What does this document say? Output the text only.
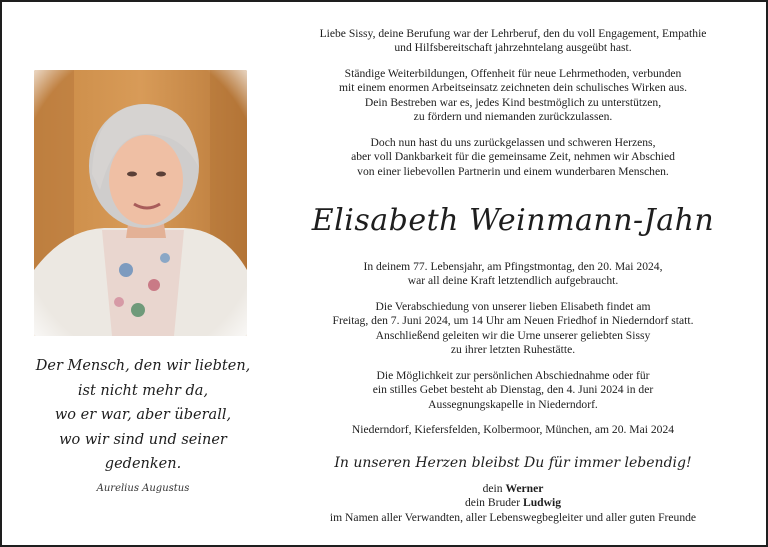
Der Mensch, den wir liebten,
ist nicht mehr da,
wo er war, aber überall,
wo wir sind und seiner gedenken.
Aurelius Augustus
Liebe Sissy, deine Berufung war der Lehrberuf, den du voll Engagement, Empathie
und Hilfsbereitschaft jahrzehntelang ausgeübt hast.
Ständige Weiterbildungen, Offenheit für neue Lehrmethoden, verbunden
mit einem enormen Arbeitseinsatz zeichneten dein schulisches Wirken aus.
Dein Bestreben war es, jedes Kind bestmöglich zu unterstützen,
zu fördern und niemanden zurückzulassen.
Doch nun hast du uns zurückgelassen und schweren Herzens,
aber voll Dankbarkeit für die gemeinsame Zeit, nehmen wir Abschied
von einer liebevollen Partnerin und einem wunderbaren Menschen.
Elisabeth Weinmann-Jahn
In deinem 77. Lebensjahr, am Pfingstmontag, den 20. Mai 2024,
war all deine Kraft letztendlich aufgebraucht.
Die Verabschiedung von unserer lieben Elisabeth findet am
Freitag, den 7. Juni 2024, um 14 Uhr am Neuen Friedhof in Niederndorf statt.
Anschließend geleiten wir die Urne unserer geliebten Sissy
zu ihrer letzten Ruhestätte.
Die Möglichkeit zur persönlichen Abschiednahme oder für
ein stilles Gebet besteht ab Dienstag, den 4. Juni 2024 in der
Aussegnungskapelle in Niederndorf.
Niederndorf, Kiefersfelden, Kolbermoor, München, am 20. Mai 2024
In unseren Herzen bleibst Du für immer lebendig!
dein Werner
dein Bruder Ludwig
im Namen aller Verwandten, aller Lebenswegbegleiter und aller guten Freunde
